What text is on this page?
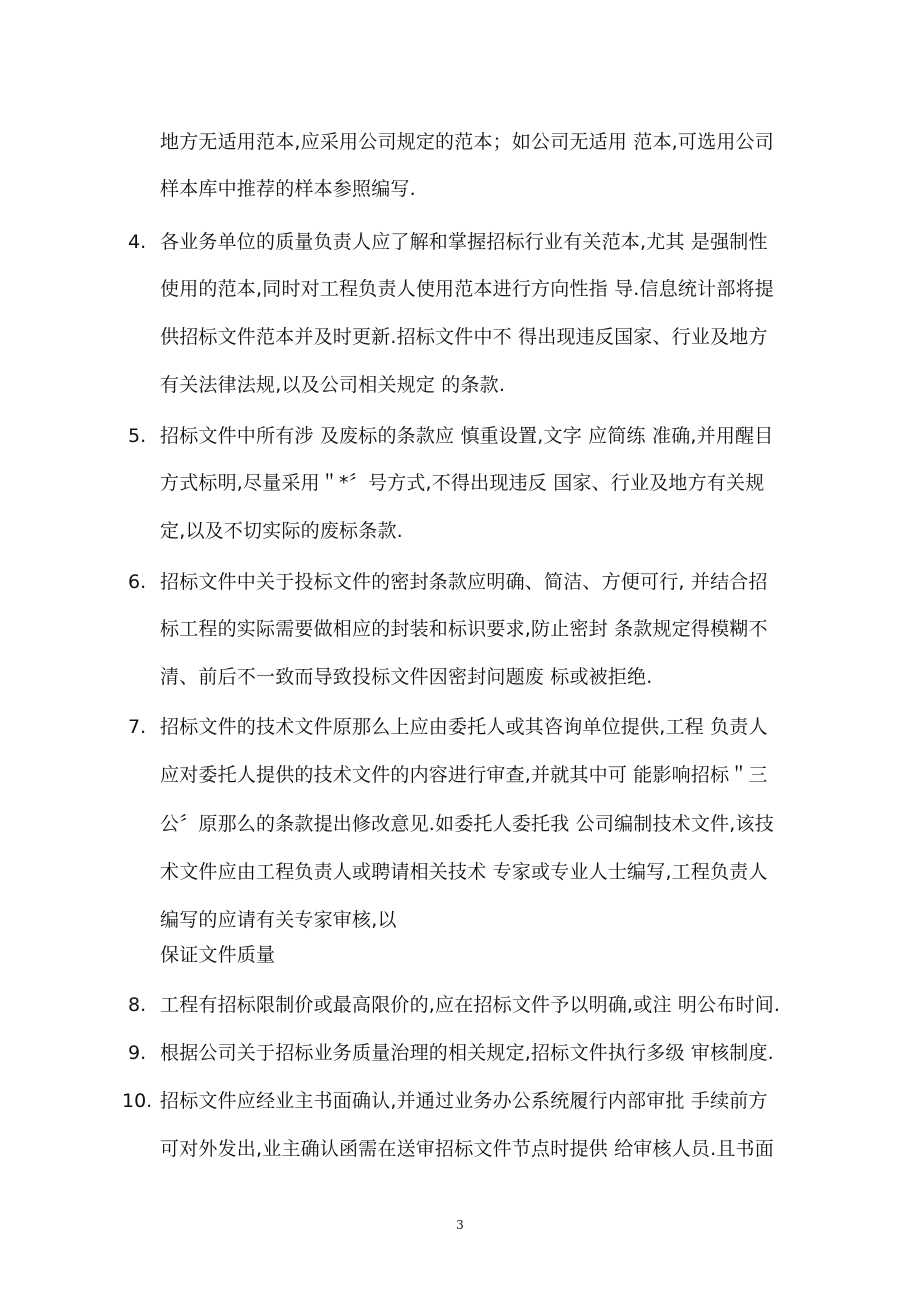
地方无适用范本,应采用公司规定的范本；如公司无适用 范本,可选用公司
样本库中推荐的样本参照编写.
4. 各业务单位的质量负责人应了解和掌握招标行业有关范本,尤其 是强制性
使用的范本,同时对工程负责人使用范本进行方向性指 导.信息统计部将提
供招标文件范本并及时更新.招标文件中不 得出现违反国家、行业及地方
有关法律法规,以及公司相关规定 的条款.
5. 招标文件中所有涉 及废标的条款应 慎重设置,文字 应简练 准确,并用醒目
方式标明,尽量采用＂*〞号方式,不得出现违反 国家、行业及地方有关规
定,以及不切实际的废标条款.
6. 招标文件中关于投标文件的密封条款应明确、简洁、方便可行, 并结合招
标工程的实际需要做相应的封装和标识要求,防止密封 条款规定得模糊不
清、前后不一致而导致投标文件因密封问题废 标或被拒绝.
7. 招标文件的技术文件原那么上应由委托人或其咨询单位提供,工程 负责人
应对委托人提供的技术文件的内容进行审查,并就其中可 能影响招标＂三
公〞原那么的条款提出修改意见.如委托人委托我 公司编制技术文件,该技
术文件应由工程负责人或聘请相关技术 专家或专业人士编写,工程负责人
编写的应请有关专家审核,以
保证文件质量
8. 工程有招标限制价或最高限价的,应在招标文件予以明确,或注 明公布时间.
9. 根据公司关于招标业务质量治理的相关规定,招标文件执行多级 审核制度.
10. 招标文件应经业主书面确认,并通过业务办公系统履行内部审批 手续前方
可对外发出,业主确认函需在送审招标文件节点时提供 给审核人员.且书面
3
